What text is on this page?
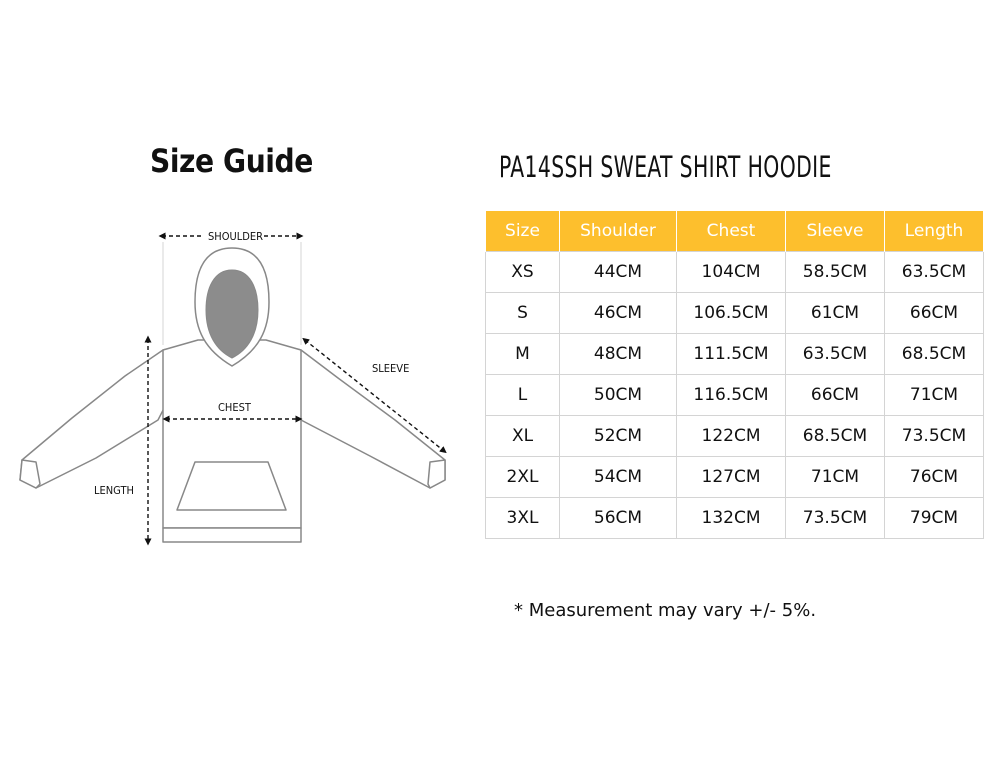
Size Guide	PA14SSH SWEAT SHIRT HOODIE
SHOULDER
SLEEVE
CHEST
LENGTH
Size	Shoulder	Chest	Sleeve	Length
XS	44CM	104CM	58.5CM	63.5CM
S	46CM	106.5CM	61CM	66CM
M	48CM	111.5CM	63.5CM	68.5CM
L	50CM	116.5CM	66CM	71CM
XL	52CM	122CM	68.5CM	73.5CM
2XL	54CM	127CM	71CM	76CM
3XL	56CM	132CM	73.5CM	79CM
* Measurement may vary +/- 5%.
